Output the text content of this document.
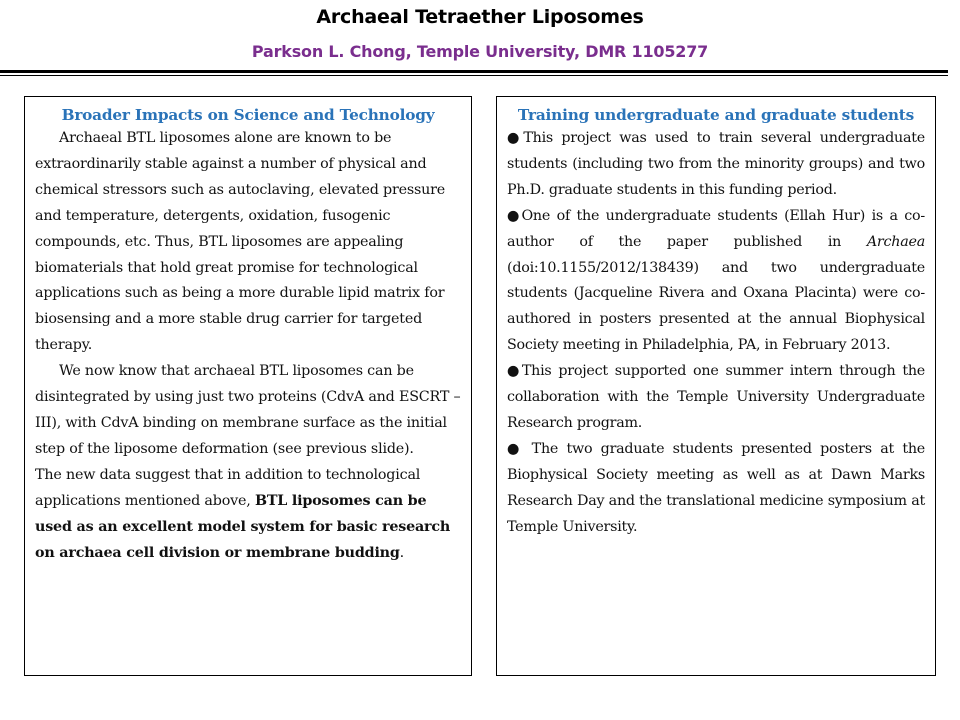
Archaeal Tetraether Liposomes
Parkson L. Chong, Temple University, DMR 1105277
Broader Impacts on Science and Technology

Archaeal BTL liposomes alone are known to be extraordinarily stable against a number of physical and chemical stressors such as autoclaving, elevated pressure and temperature, detergents, oxidation, fusogenic compounds, etc. Thus, BTL liposomes are appealing biomaterials that hold great promise for technological applications such as being a more durable lipid matrix for biosensing and a more stable drug carrier for targeted therapy.

We now know that archaeal BTL liposomes can be disintegrated by using just two proteins (CdvA and ESCRT –III), with CdvA binding on membrane surface as the initial step of the liposome deformation (see previous slide).

The new data suggest that in addition to technological applications mentioned above, BTL liposomes can be used as an excellent model system for basic research on archaea cell division or membrane budding.

Training undergraduate and graduate students

●This project was used to train several undergraduate students (including two from the minority groups) and two Ph.D. graduate students in this funding period.

●One of the undergraduate students (Ellah Hur) is a co-author of the paper published in Archaea (doi:10.1155/2012/138439) and two undergraduate students (Jacqueline Rivera and Oxana Placinta) were co-authored in posters presented at the annual Biophysical Society meeting in Philadelphia, PA, in February 2013.

●This project supported one summer intern through the collaboration with the Temple University Undergraduate Research program.

● The two graduate students presented posters at the Biophysical Society meeting as well as at Dawn Marks Research Day and the translational medicine symposium at Temple University.
